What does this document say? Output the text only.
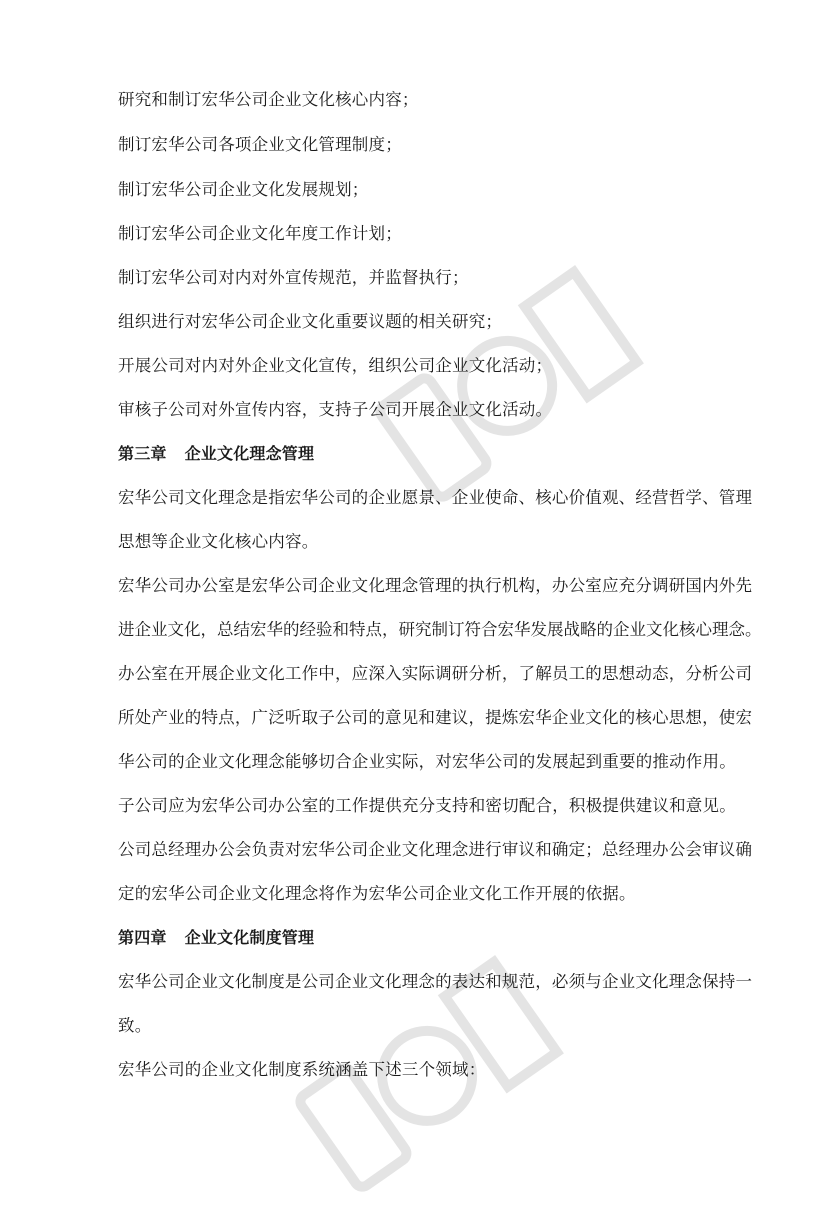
研究和制订宏华公司企业文化核心内容；
制订宏华公司各项企业文化管理制度；
制订宏华公司企业文化发展规划；
制订宏华公司企业文化年度工作计划；
制订宏华公司对内对外宣传规范，并监督执行；
组织进行对宏华公司企业文化重要议题的相关研究；
开展公司对内对外企业文化宣传，组织公司企业文化活动；
审核子公司对外宣传内容，支持子公司开展企业文化活动。
第三章 企业文化理念管理
宏华公司文化理念是指宏华公司的企业愿景、企业使命、核心价值观、经营哲学、管理
思想等企业文化核心内容。
宏华公司办公室是宏华公司企业文化理念管理的执行机构，办公室应充分调研国内外先
进企业文化，总结宏华的经验和特点，研究制订符合宏华发展战略的企业文化核心理念。
办公室在开展企业文化工作中，应深入实际调研分析，了解员工的思想动态，分析公司
所处产业的特点，广泛听取子公司的意见和建议，提炼宏华企业文化的核心思想，使宏
华公司的企业文化理念能够切合企业实际，对宏华公司的发展起到重要的推动作用。
子公司应为宏华公司办公室的工作提供充分支持和密切配合，积极提供建议和意见。
公司总经理办公会负责对宏华公司企业文化理念进行审议和确定；总经理办公会审议确
定的宏华公司企业文化理念将作为宏华公司企业文化工作开展的依据。
第四章 企业文化制度管理
宏华公司企业文化制度是公司企业文化理念的表达和规范，必须与企业文化理念保持一
致。
宏华公司的企业文化制度系统涵盖下述三个领域：
